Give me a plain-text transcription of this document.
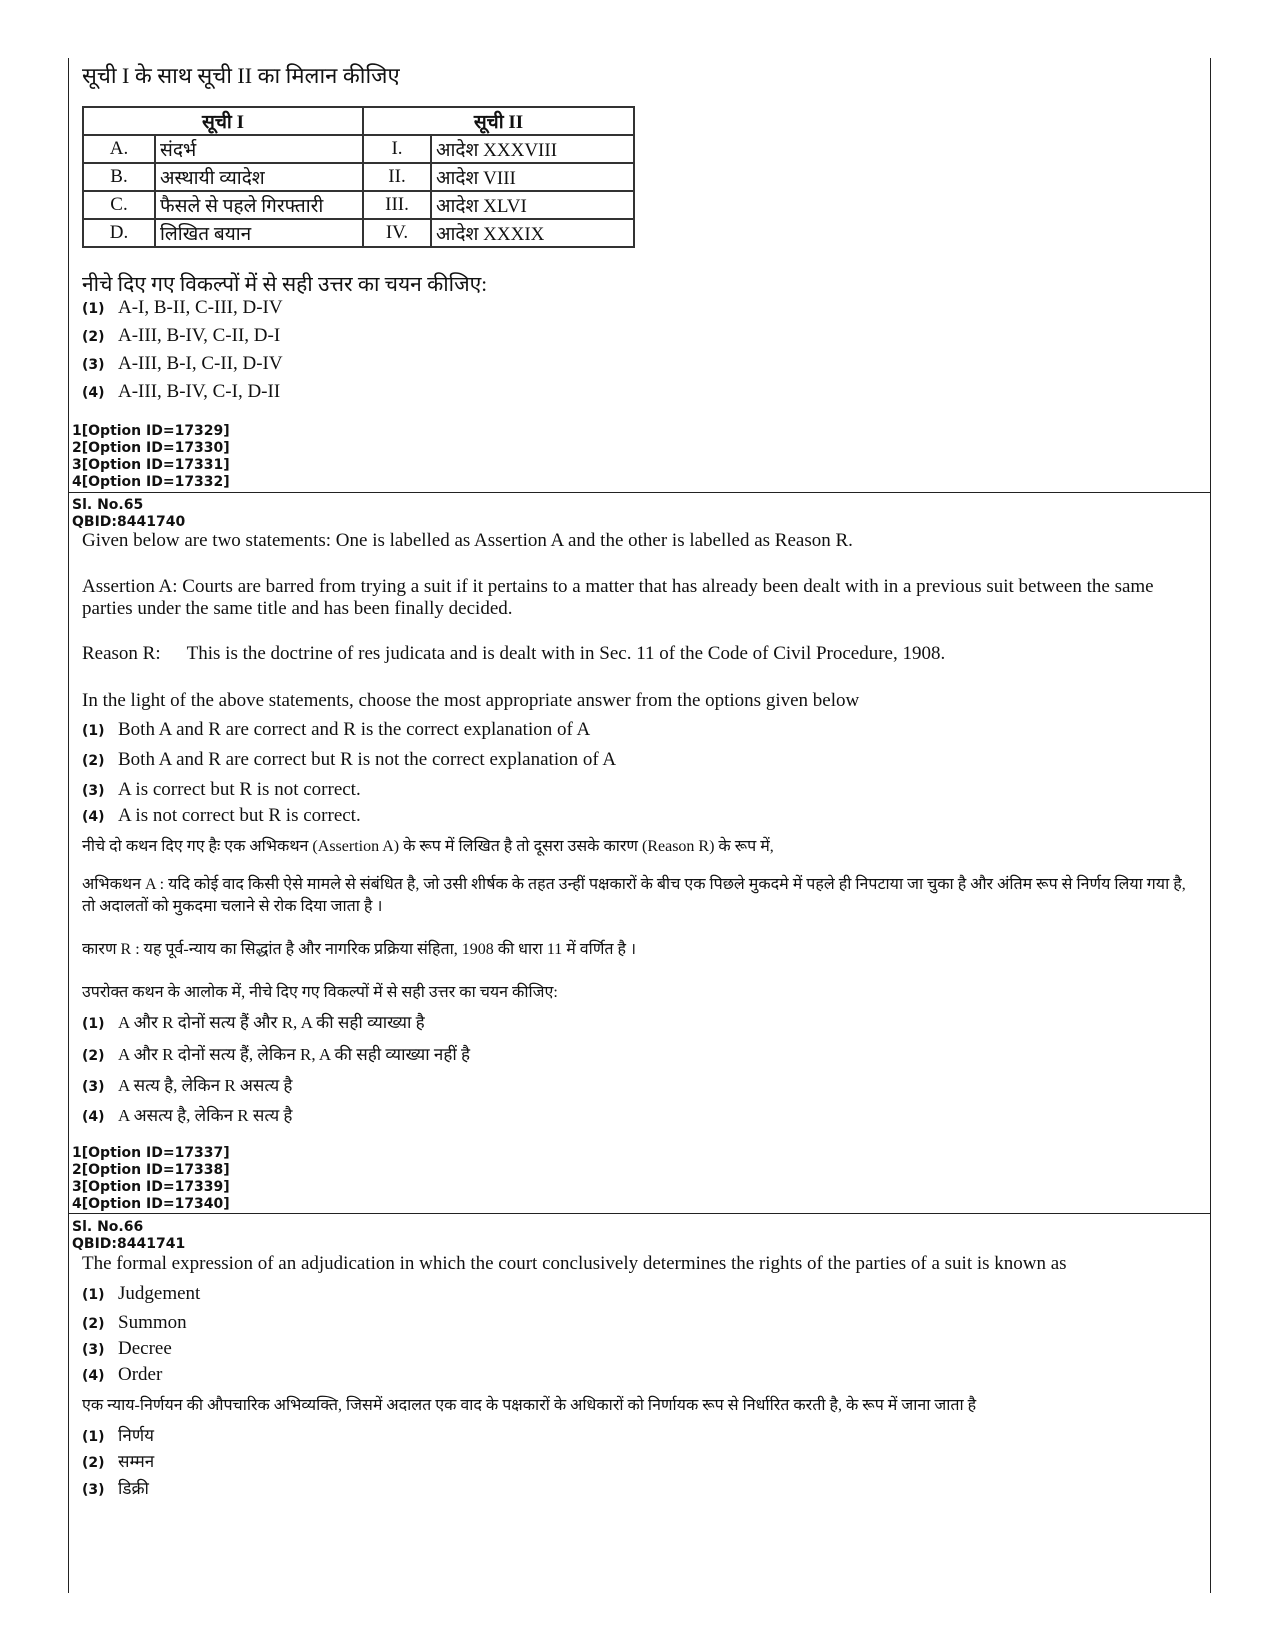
सूची I के साथ सूची II का मिलान कीजिए
सूची I		सूची II	
A.	संदर्भ	I.	आदेश XXXVIII
B.	अस्थायी व्यादेश	II.	आदेश VIII
C.	फैसले से पहले गिरफ्तारी	III.	आदेश XLVI
D.	लिखित बयान	IV.	आदेश XXXIX
नीचे दिए गए विकल्पों में से सही उत्तर का चयन कीजिए:
(1) A-I, B-II, C-III, D-IV
(2) A-III, B-IV, C-II, D-I
(3) A-III, B-I, C-II, D-IV
(4) A-III, B-IV, C-I, D-II
1[Option ID=17329]
2[Option ID=17330]
3[Option ID=17331]
4[Option ID=17332]
Sl. No.65
QBID:8441740
Given below are two statements: One is labelled as Assertion A and the other is labelled as Reason R.
Assertion A: Courts are barred from trying a suit if it pertains to a matter that has already been dealt with in a previous suit between the same parties under the same title and has been finally decided.
Reason R: This is the doctrine of res judicata and is dealt with in Sec. 11 of the Code of Civil Procedure, 1908.
In the light of the above statements, choose the most appropriate answer from the options given below
(1) Both A and R are correct and R is the correct explanation of A
(2) Both A and R are correct but R is not the correct explanation of A
(3) A is correct but R is not correct.
(4) A is not correct but R is correct.
नीचे दो कथन दिए गए हैः एक अभिकथन (Assertion A) के रूप में लिखित है तो दूसरा उसके कारण (Reason R) के रूप में,
अभिकथन A : यदि कोई वाद किसी ऐसे मामले से संबंधित है, जो उसी शीर्षक के तहत उन्हीं पक्षकारों के बीच एक पिछले मुकदमे में पहले ही निपटाया जा चुका है और अंतिम रूप से निर्णय लिया गया है, तो अदालतों को मुकदमा चलाने से रोक दिया जाता है ।
कारण R : यह पूर्व-न्याय का सिद्धांत है और नागरिक प्रक्रिया संहिता, 1908 की धारा 11 में वर्णित है ।
उपरोक्त कथन के आलोक में, नीचे दिए गए विकल्पों में से सही उत्तर का चयन कीजिए:
(1) A और R दोनों सत्य हैं और R, A की सही व्याख्या है
(2) A और R दोनों सत्य हैं, लेकिन R, A की सही व्याख्या नहीं है
(3) A सत्य है, लेकिन R असत्य है
(4) A असत्य है, लेकिन R सत्य है
1[Option ID=17337]
2[Option ID=17338]
3[Option ID=17339]
4[Option ID=17340]
Sl. No.66
QBID:8441741
The formal expression of an adjudication in which the court conclusively determines the rights of the parties of a suit is known as
(1) Judgement
(2) Summon
(3) Decree
(4) Order
एक न्याय-निर्णयन की औपचारिक अभिव्यक्ति, जिसमें अदालत एक वाद के पक्षकारों के अधिकारों को निर्णायक रूप से निर्धारित करती है, के रूप में जाना जाता है
(1) निर्णय
(2) सम्मन
(3) डिक्री
